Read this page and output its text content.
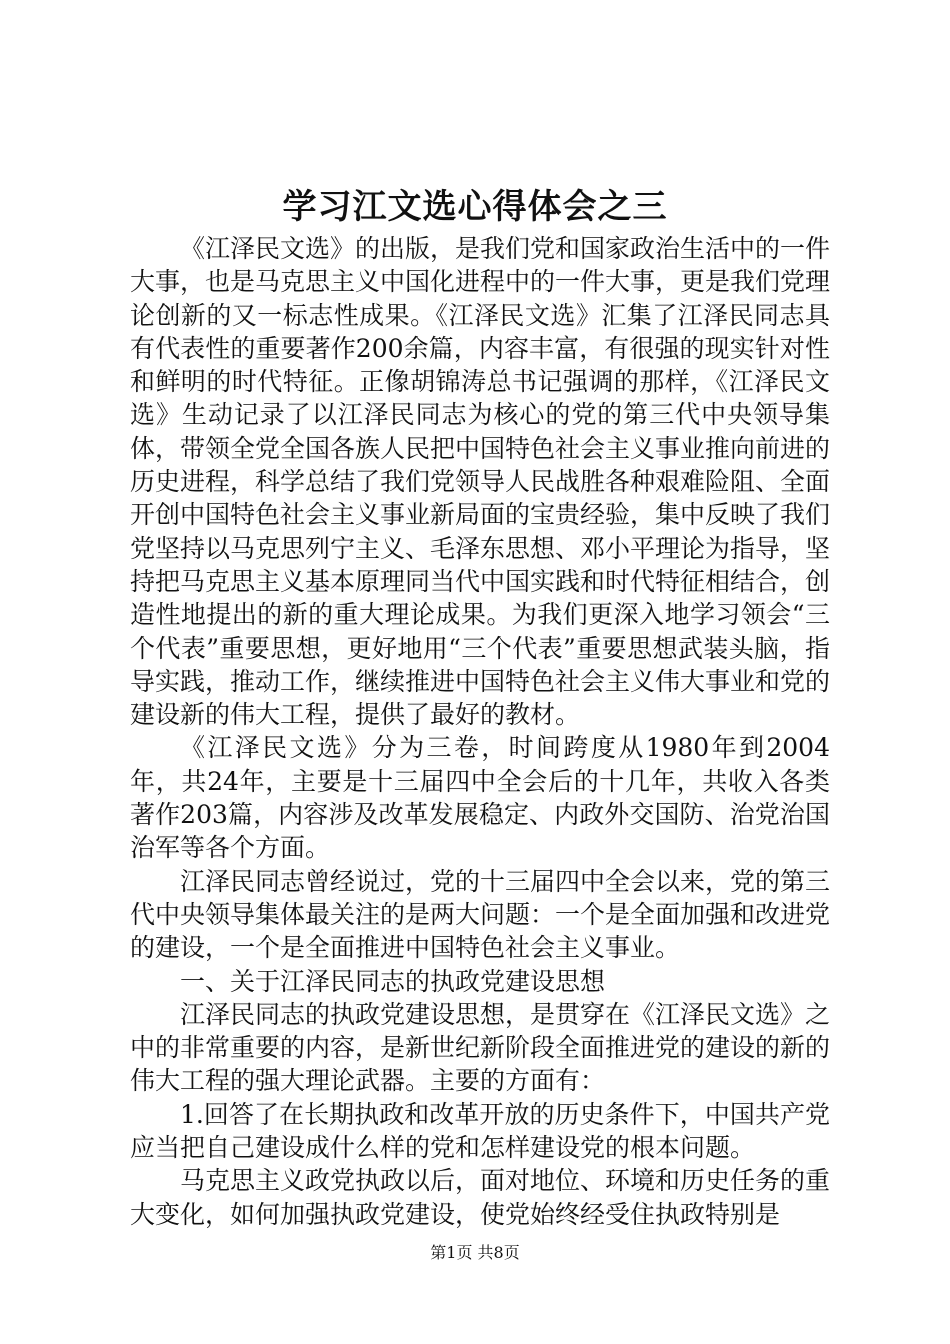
学习江文选心得体会之三

《江泽民文选》的出版，是我们党和国家政治生活中的一件大事，也是马克思主义中国化进程中的一件大事，更是我们党理论创新的又一标志性成果。《江泽民文选》汇集了江泽民同志具有代表性的重要著作200余篇，内容丰富，有很强的现实针对性和鲜明的时代特征。正像胡锦涛总书记强调的那样，《江泽民文选》生动记录了以江泽民同志为核心的党的第三代中央领导集体，带领全党全国各族人民把中国特色社会主义事业推向前进的历史进程，科学总结了我们党领导人民战胜各种艰难险阻、全面开创中国特色社会主义事业新局面的宝贵经验，集中反映了我们党坚持以马克思列宁主义、毛泽东思想、邓小平理论为指导，坚持把马克思主义基本原理同当代中国实践和时代特征相结合，创造性地提出的新的重大理论成果。为我们更深入地学习领会“三个代表”重要思想，更好地用“三个代表”重要思想武装头脑，指导实践，推动工作，继续推进中国特色社会主义伟大事业和党的建设新的伟大工程，提供了最好的教材。

《江泽民文选》分为三卷，时间跨度从1980年到2004年，共24年，主要是十三届四中全会后的十几年，共收入各类著作203篇，内容涉及改革发展稳定、内政外交国防、治党治国治军等各个方面。

江泽民同志曾经说过，党的十三届四中全会以来，党的第三代中央领导集体最关注的是两大问题：一个是全面加强和改进党的建设，一个是全面推进中国特色社会主义事业。

一、关于江泽民同志的执政党建设思想

江泽民同志的执政党建设思想，是贯穿在《江泽民文选》之中的非常重要的内容，是新世纪新阶段全面推进党的建设的新的伟大工程的强大理论武器。主要的方面有：

1.回答了在长期执政和改革开放的历史条件下，中国共产党应当把自己建设成什么样的党和怎样建设党的根本问题。

马克思主义政党执政以后，面对地位、环境和历史任务的重大变化，如何加强执政党建设，使党始终经受住执政特别是

第1页 共8页
